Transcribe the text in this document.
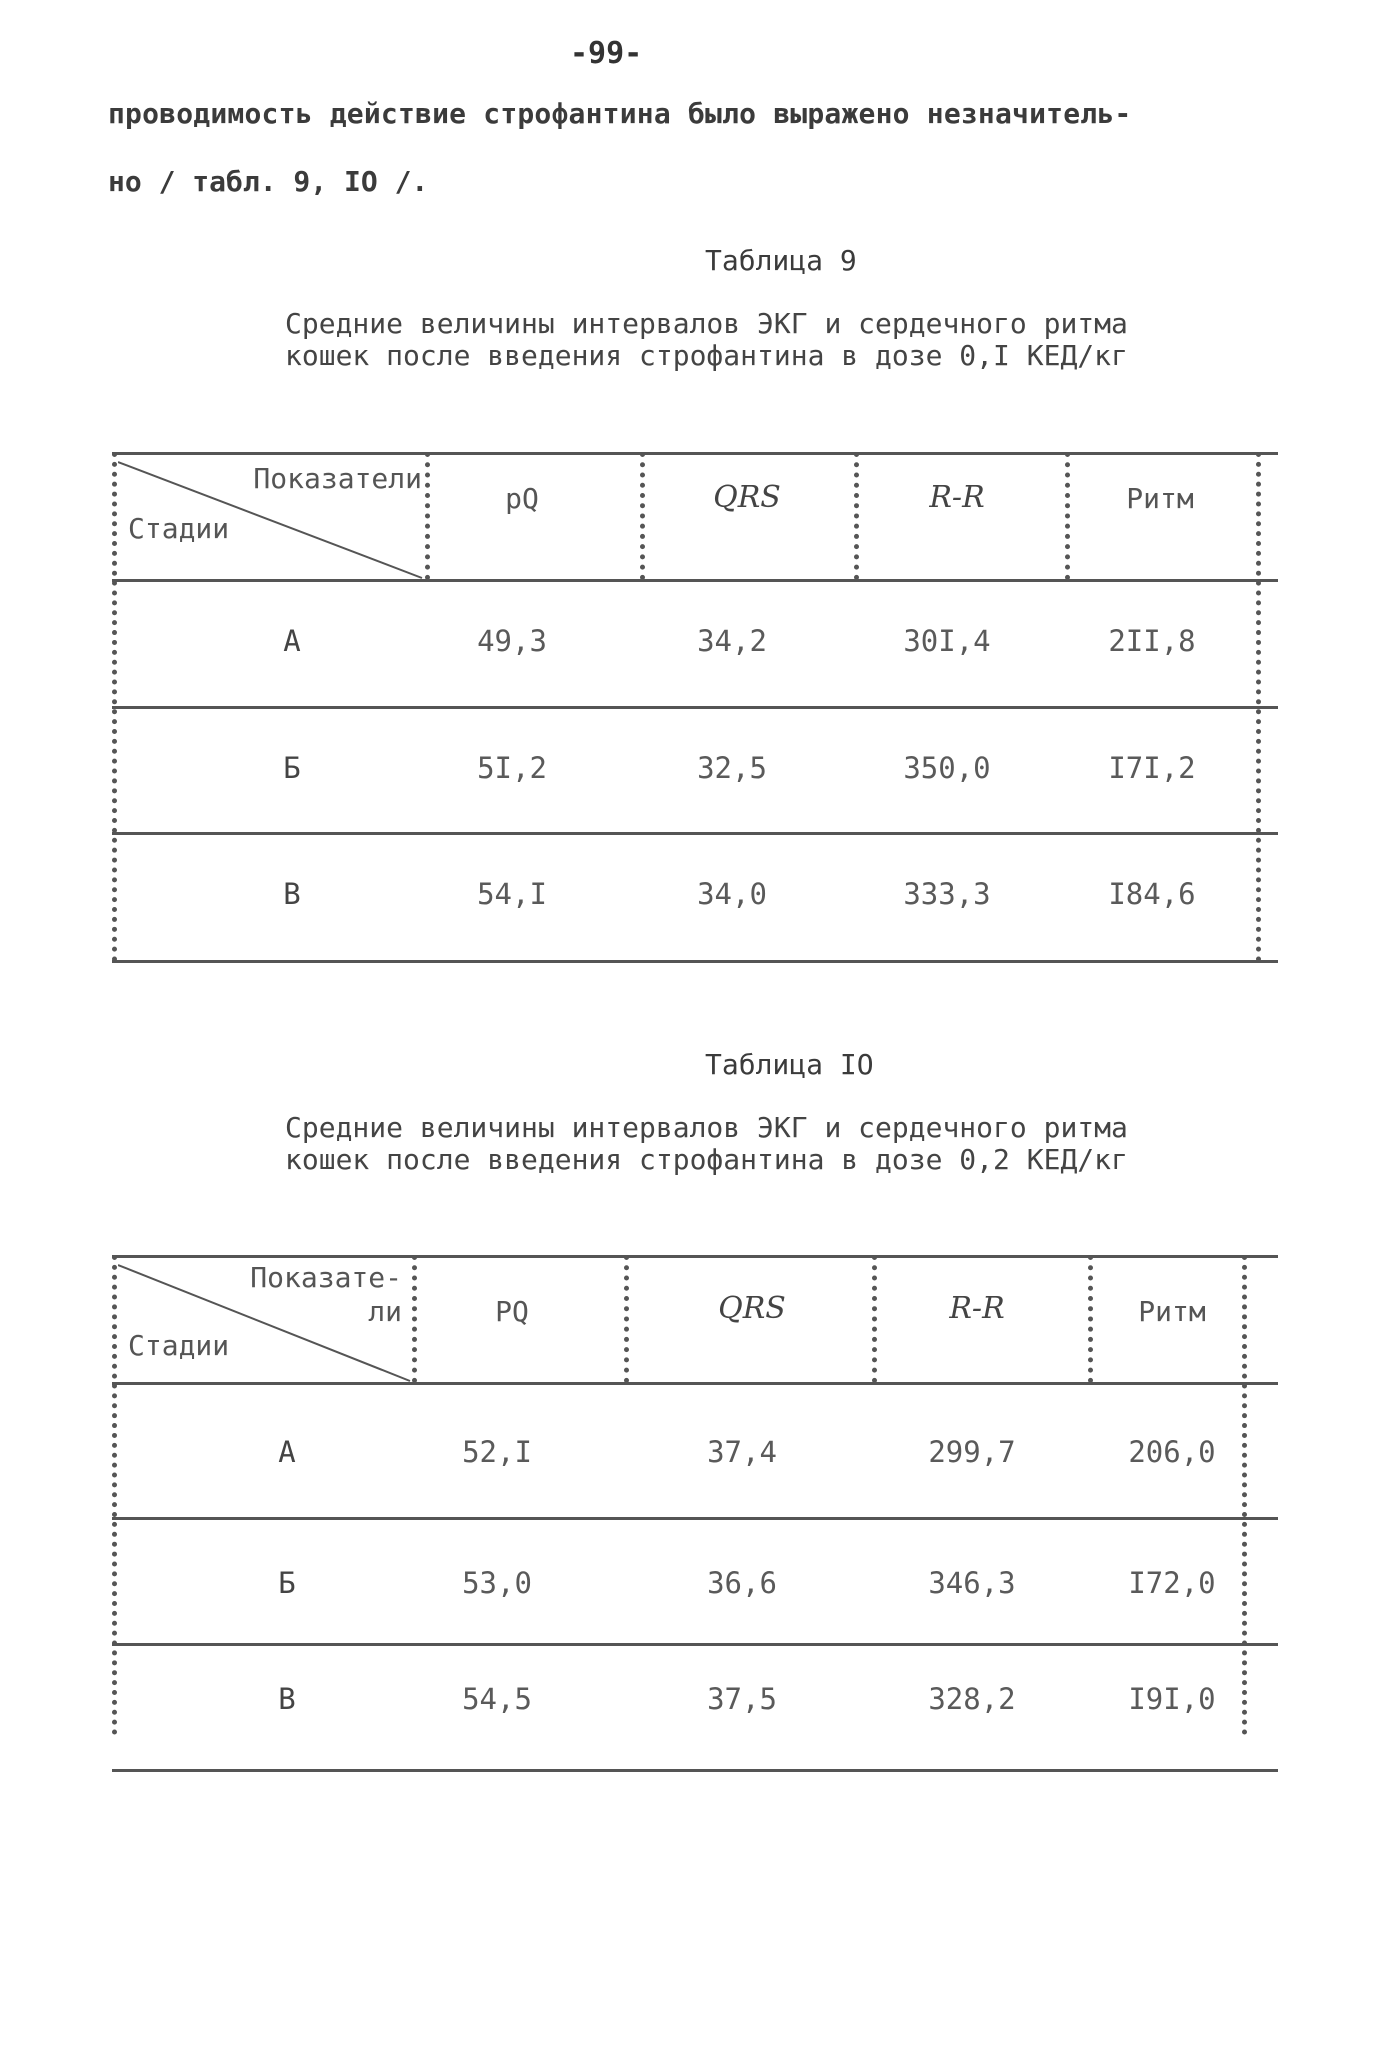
-99-
проводимость действие строфантина было выражено незначитель-
но / табл. 9, IO /.
Таблица 9
Средние величины интервалов ЭКГ и сердечного ритма
кошек после введения строфантина в дозе 0,I КЕД/кг
Показатели
Стадии
pQ	QRS	R-R	Ритм
А	49,3	34,2	30I,4	2II,8
Б	5I,2	32,5	350,0	I7I,2
В	54,I	34,0	333,3	I84,6
Таблица IO
Средние величины интервалов ЭКГ и сердечного ритма
кошек после введения строфантина в дозе 0,2 КЕД/кг
Показате-
ли
Стадии
PQ	QRS	R-R	Ритм
А	52,I	37,4	299,7	206,0
Б	53,0	36,6	346,3	I72,0
В	54,5	37,5	328,2	I9I,0
